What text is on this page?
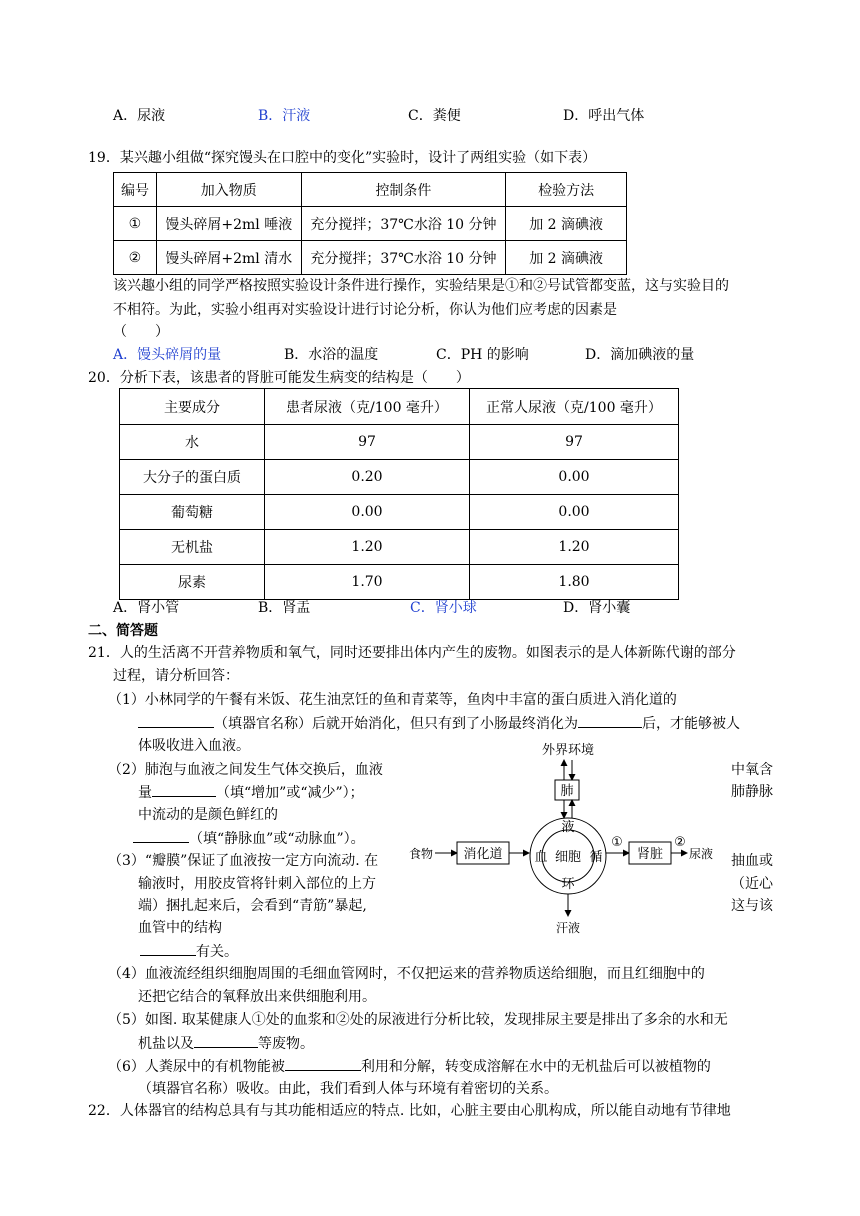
A．尿液	B．汗液	C．粪便	D．呼出气体
19．某兴趣小组做“探究馒头在口腔中的变化”实验时，设计了两组实验（如下表）
编号	加入物质	控制条件	检验方法
①	馒头碎屑+2ml 唾液	充分搅拌；37℃水浴 10 分钟	加 2 滴碘液
②	馒头碎屑+2ml 清水	充分搅拌；37℃水浴 10 分钟	加 2 滴碘液
该兴趣小组的同学严格按照实验设计条件进行操作，实验结果是①和②号试管都变蓝，这与实验目的
不相符。为此，实验小组再对实验设计进行讨论分析，你认为他们应考虑的因素是
（　　）
A．馒头碎屑的量	B．水浴的温度	C．PH 的影响	D．滴加碘液的量
20．分析下表，该患者的肾脏可能发生病变的结构是（　　）
主要成分	患者尿液（克/100 毫升）	正常人尿液（克/100 毫升）
水	97	97
大分子的蛋白质	0.20	0.00
葡萄糖	0.00	0.00
无机盐	1.20	1.20
尿素	1.70	1.80
A．肾小管	B．肾盂	C．肾小球	D．肾小囊
二、简答题
21．人的生活离不开营养物质和氧气，同时还要排出体内产生的废物。如图表示的是人体新陈代谢的部分
过程，请分析回答：
（1）小林同学的午餐有米饭、花生油烹饪的鱼和青菜等，鱼肉中丰富的蛋白质进入消化道的
（填器官名称）后就开始消化，但只有到了小肠最终消化为	后，才能够被人
体吸收进入血液。
（2）肺泡与血液之间发生气体交换后，血液	中氧含
量	（填“增加”或“减少”）；	肺静脉
中流动的是颜色鲜红的
（填“静脉血”或“动脉血”）。
（3）“瓣膜”保证了血液按一定方向流动. 在	抽血或
输液时，用胶皮管将针刺入部位的上方	（近心
端）捆扎起来后，会看到“青筋”暴起,	这与该
血管中的结构
有关。
外界环境
肺
液
血	循
环
细胞
食物 消化道
①
肾脏
②
尿液
汗液
（4）血液流经组织细胞周围的毛细血管网时，不仅把运来的营养物质送给细胞，而且红细胞中的
还把它结合的氧释放出来供细胞利用。
（5）如图. 取某健康人①处的血浆和②处的尿液进行分析比较，发现排尿主要是排出了多余的水和无
机盐以及	等废物。
（6）人粪尿中的有机物能被	利用和分解，转变成溶解在水中的无机盐后可以被植物的
（填器官名称）吸收。由此，我们看到人体与环境有着密切的关系。
22．人体器官的结构总具有与其功能相适应的特点. 比如，心脏主要由心肌构成，所以能自动地有节律地
